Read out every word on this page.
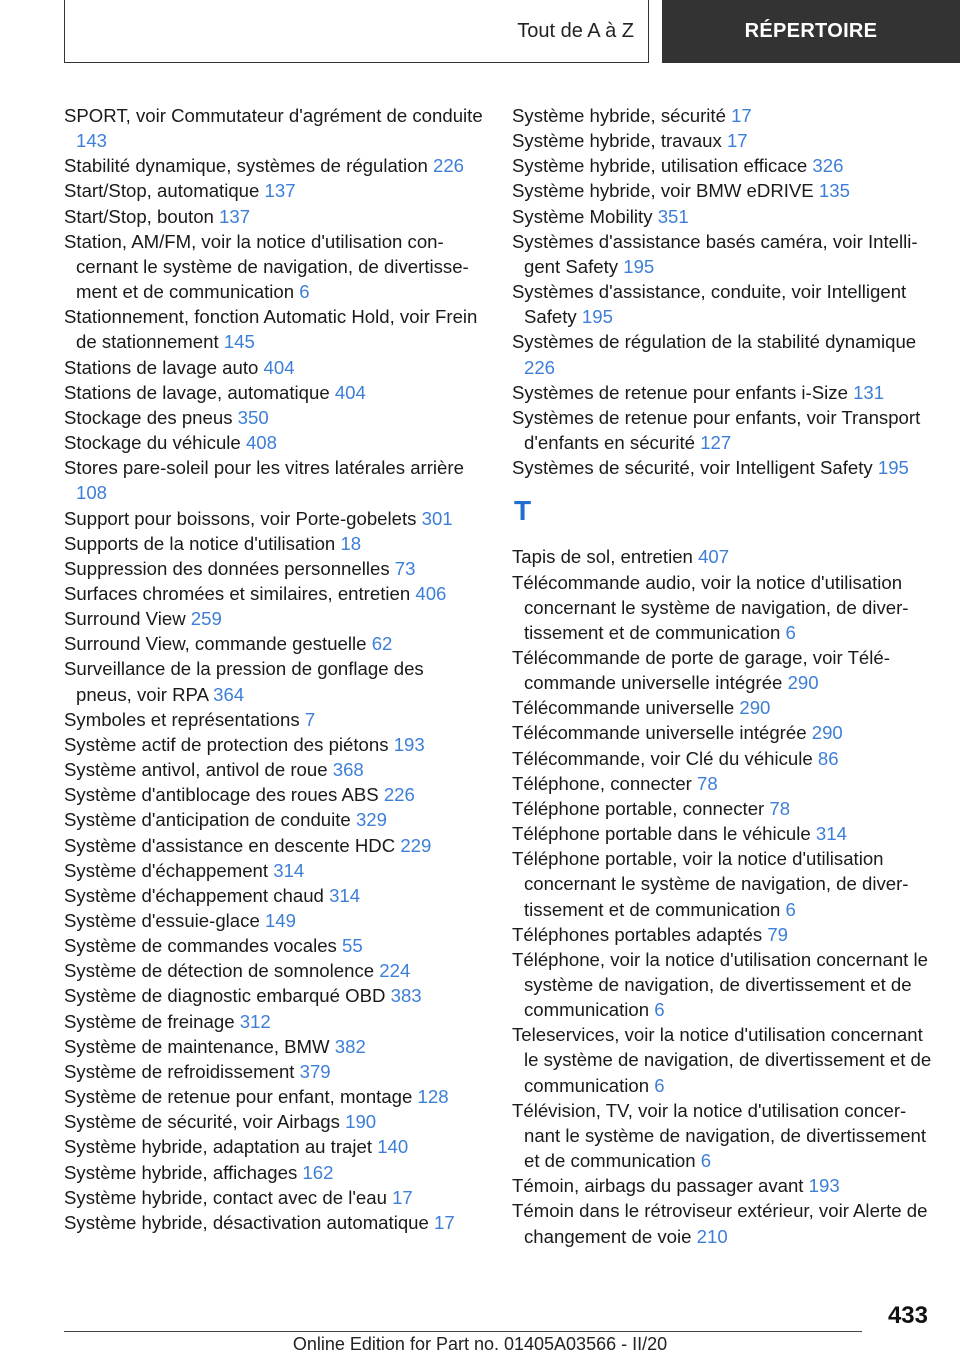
Tout de A à Z	RÉPERTOIRE

SPORT, voir Commutateur d'agrément de conduite 143

Stabilité dynamique, systèmes de régulation 226

Start/Stop, automatique 137

Start/Stop, bouton 137

Station, AM/FM, voir la notice d'utilisation concernant le système de navigation, de divertissement et de communication 6

Stationnement, fonction Automatic Hold, voir Frein de stationnement 145

Stations de lavage auto 404

Stations de lavage, automatique 404

Stockage des pneus 350

Stockage du véhicule 408

Stores pare-soleil pour les vitres latérales arrière 108

Support pour boissons, voir Porte-gobelets 301

Supports de la notice d'utilisation 18

Suppression des données personnelles 73

Surfaces chromées et similaires, entretien 406

Surround View 259

Surround View, commande gestuelle 62

Surveillance de la pression de gonflage des pneus, voir RPA 364

Symboles et représentations 7

Système actif de protection des piétons 193

Système antivol, antivol de roue 368

Système d'antiblocage des roues ABS 226

Système d'anticipation de conduite 329

Système d'assistance en descente HDC 229

Système d'échappement 314

Système d'échappement chaud 314

Système d'essuie-glace 149

Système de commandes vocales 55

Système de détection de somnolence 224

Système de diagnostic embarqué OBD 383

Système de freinage 312

Système de maintenance, BMW 382

Système de refroidissement 379

Système de retenue pour enfant, montage 128

Système de sécurité, voir Airbags 190

Système hybride, adaptation au trajet 140

Système hybride, affichages 162

Système hybride, contact avec de l'eau 17

Système hybride, désactivation automatique 17

Système hybride, sécurité 17

Système hybride, travaux 17

Système hybride, utilisation efficace 326

Système hybride, voir BMW eDRIVE 135

Système Mobility 351

Systèmes d'assistance basés caméra, voir Intelligent Safety 195

Systèmes d'assistance, conduite, voir Intelligent Safety 195

Systèmes de régulation de la stabilité dynamique 226

Systèmes de retenue pour enfants i-Size 131

Systèmes de retenue pour enfants, voir Transport d'enfants en sécurité 127

Systèmes de sécurité, voir Intelligent Safety 195

T

Tapis de sol, entretien 407

Télécommande audio, voir la notice d'utilisation concernant le système de navigation, de divertissement et de communication 6

Télécommande de porte de garage, voir Télécommande universelle intégrée 290

Télécommande universelle 290

Télécommande universelle intégrée 290

Télécommande, voir Clé du véhicule 86

Téléphone, connecter 78

Téléphone portable, connecter 78

Téléphone portable dans le véhicule 314

Téléphone portable, voir la notice d'utilisation concernant le système de navigation, de divertissement et de communication 6

Téléphones portables adaptés 79

Téléphone, voir la notice d'utilisation concernant le système de navigation, de divertissement et de communication 6

Teleservices, voir la notice d'utilisation concernant le système de navigation, de divertissement et de communication 6

Télévision, TV, voir la notice d'utilisation concernant le système de navigation, de divertissement et de communication 6

Témoin, airbags du passager avant 193

Témoin dans le rétroviseur extérieur, voir Alerte de changement de voie 210

433
Online Edition for Part no. 01405A03566 - II/20
